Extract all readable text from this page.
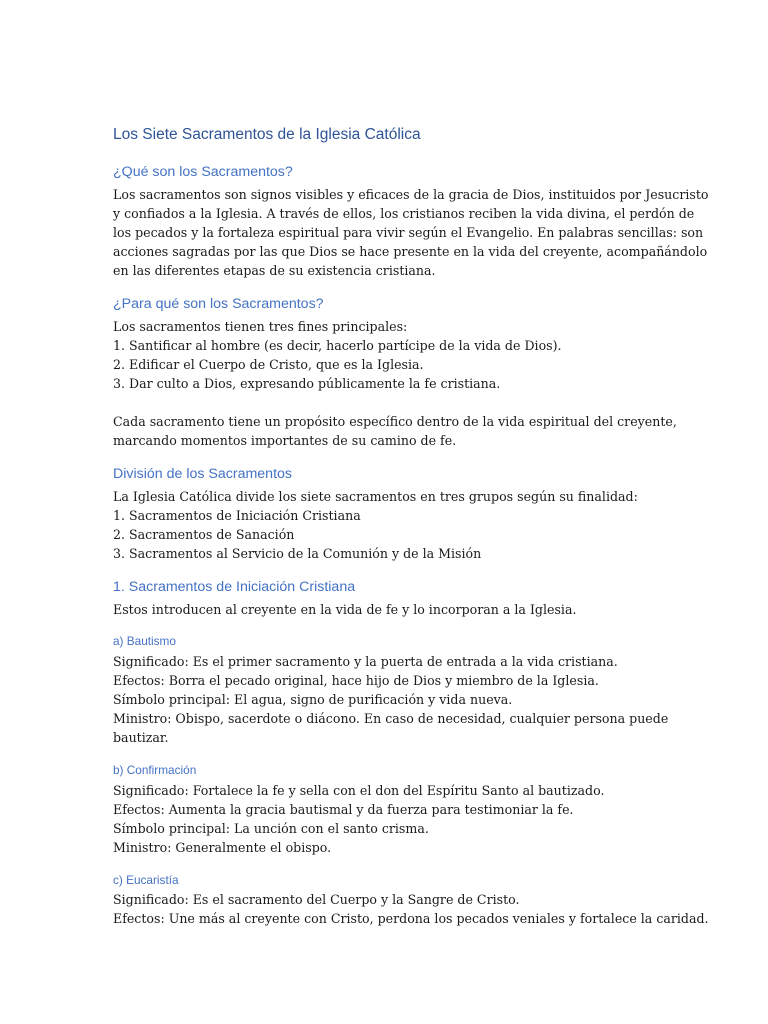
Los Siete Sacramentos de la Iglesia Católica
¿Qué son los Sacramentos?
Los sacramentos son signos visibles y eficaces de la gracia de Dios, instituidos por Jesucristo
y confiados a la Iglesia. A través de ellos, los cristianos reciben la vida divina, el perdón de
los pecados y la fortaleza espiritual para vivir según el Evangelio. En palabras sencillas: son
acciones sagradas por las que Dios se hace presente en la vida del creyente, acompañándolo
en las diferentes etapas de su existencia cristiana.
¿Para qué son los Sacramentos?
Los sacramentos tienen tres fines principales:
1. Santificar al hombre (es decir, hacerlo partícipe de la vida de Dios).
2. Edificar el Cuerpo de Cristo, que es la Iglesia.
3. Dar culto a Dios, expresando públicamente la fe cristiana.
Cada sacramento tiene un propósito específico dentro de la vida espiritual del creyente,
marcando momentos importantes de su camino de fe.
División de los Sacramentos
La Iglesia Católica divide los siete sacramentos en tres grupos según su finalidad:
1. Sacramentos de Iniciación Cristiana
2. Sacramentos de Sanación
3. Sacramentos al Servicio de la Comunión y de la Misión
1. Sacramentos de Iniciación Cristiana
Estos introducen al creyente en la vida de fe y lo incorporan a la Iglesia.
a) Bautismo
Significado: Es el primer sacramento y la puerta de entrada a la vida cristiana.
Efectos: Borra el pecado original, hace hijo de Dios y miembro de la Iglesia.
Símbolo principal: El agua, signo de purificación y vida nueva.
Ministro: Obispo, sacerdote o diácono. En caso de necesidad, cualquier persona puede
bautizar.
b) Confirmación
Significado: Fortalece la fe y sella con el don del Espíritu Santo al bautizado.
Efectos: Aumenta la gracia bautismal y da fuerza para testimoniar la fe.
Símbolo principal: La unción con el santo crisma.
Ministro: Generalmente el obispo.
c) Eucaristía
Significado: Es el sacramento del Cuerpo y la Sangre de Cristo.
Efectos: Une más al creyente con Cristo, perdona los pecados veniales y fortalece la caridad.
